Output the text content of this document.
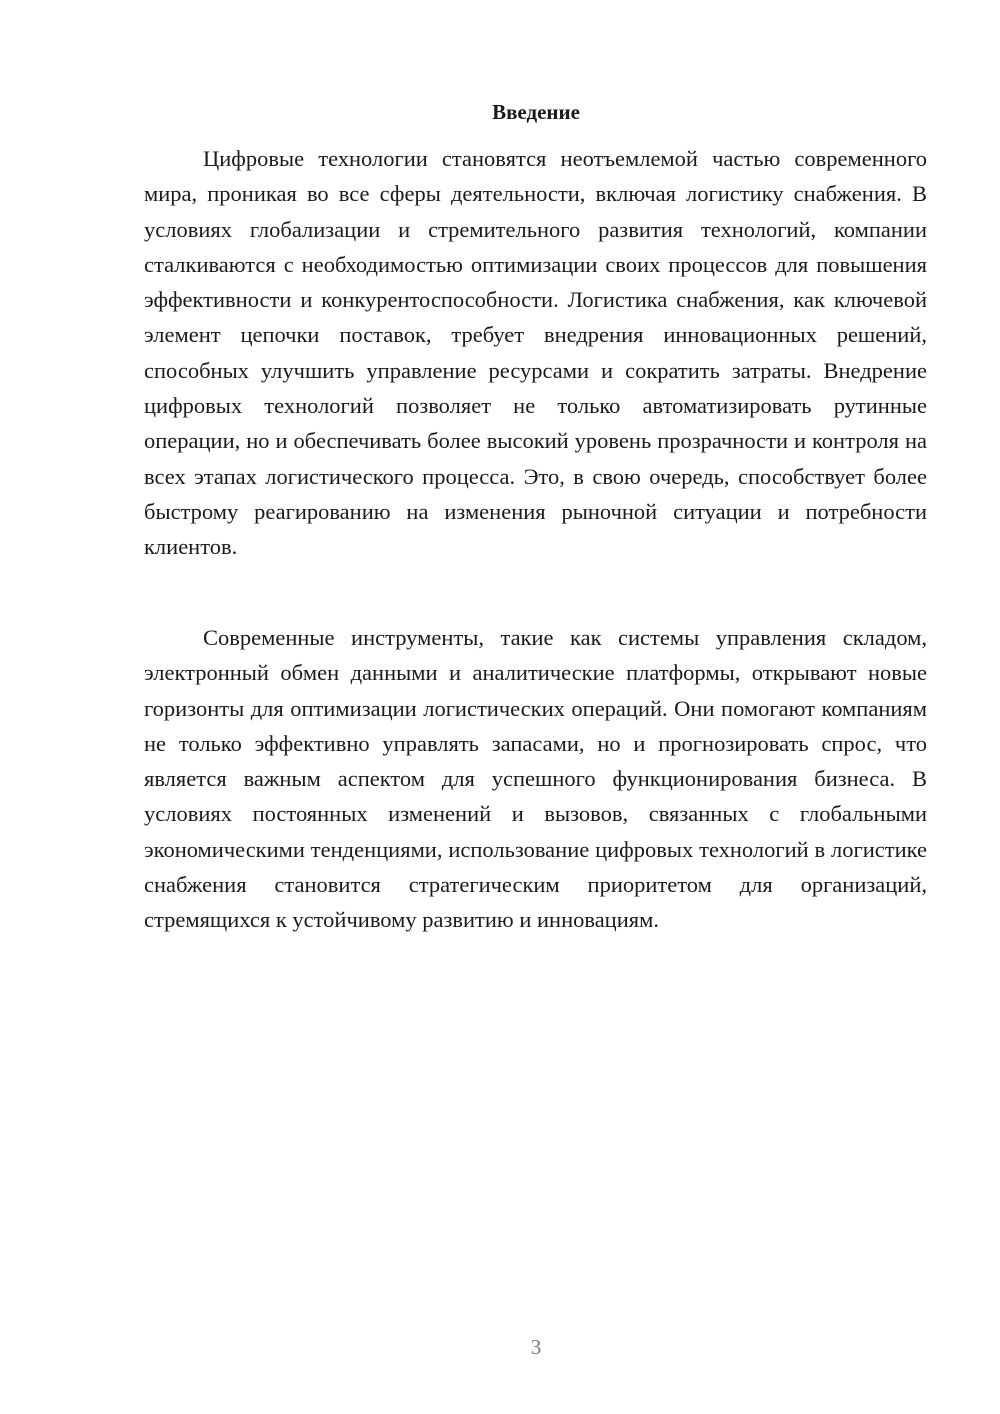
Введение

Цифровые технологии становятся неотъемлемой частью современного мира, проникая во все сферы деятельности, включая логистику снабжения. В условиях глобализации и стремительного развития технологий, компании сталкиваются с необходимостью оптимизации своих процессов для повышения эффективности и конкурентоспособности. Логистика снабжения, как ключевой элемент цепочки поставок, требует внедрения инновационных решений, способных улучшить управление ресурсами и сократить затраты. Внедрение цифровых технологий позволяет не только автоматизировать рутинные операции, но и обеспечивать более высокий уровень прозрачности и контроля на всех этапах логистического процесса. Это, в свою очередь, способствует более быстрому реагированию на изменения рыночной ситуации и потребности клиентов.

Современные инструменты, такие как системы управления складом, электронный обмен данными и аналитические платформы, открывают новые горизонты для оптимизации логистических операций. Они помогают компаниям не только эффективно управлять запасами, но и прогнозировать спрос, что является важным аспектом для успешного функционирования бизнеса. В условиях постоянных изменений и вызовов, связанных с глобальными экономическими тенденциями, использование цифровых технологий в логистике снабжения становится стратегическим приоритетом для организаций, стремящихся к устойчивому развитию и инновациям.

3
